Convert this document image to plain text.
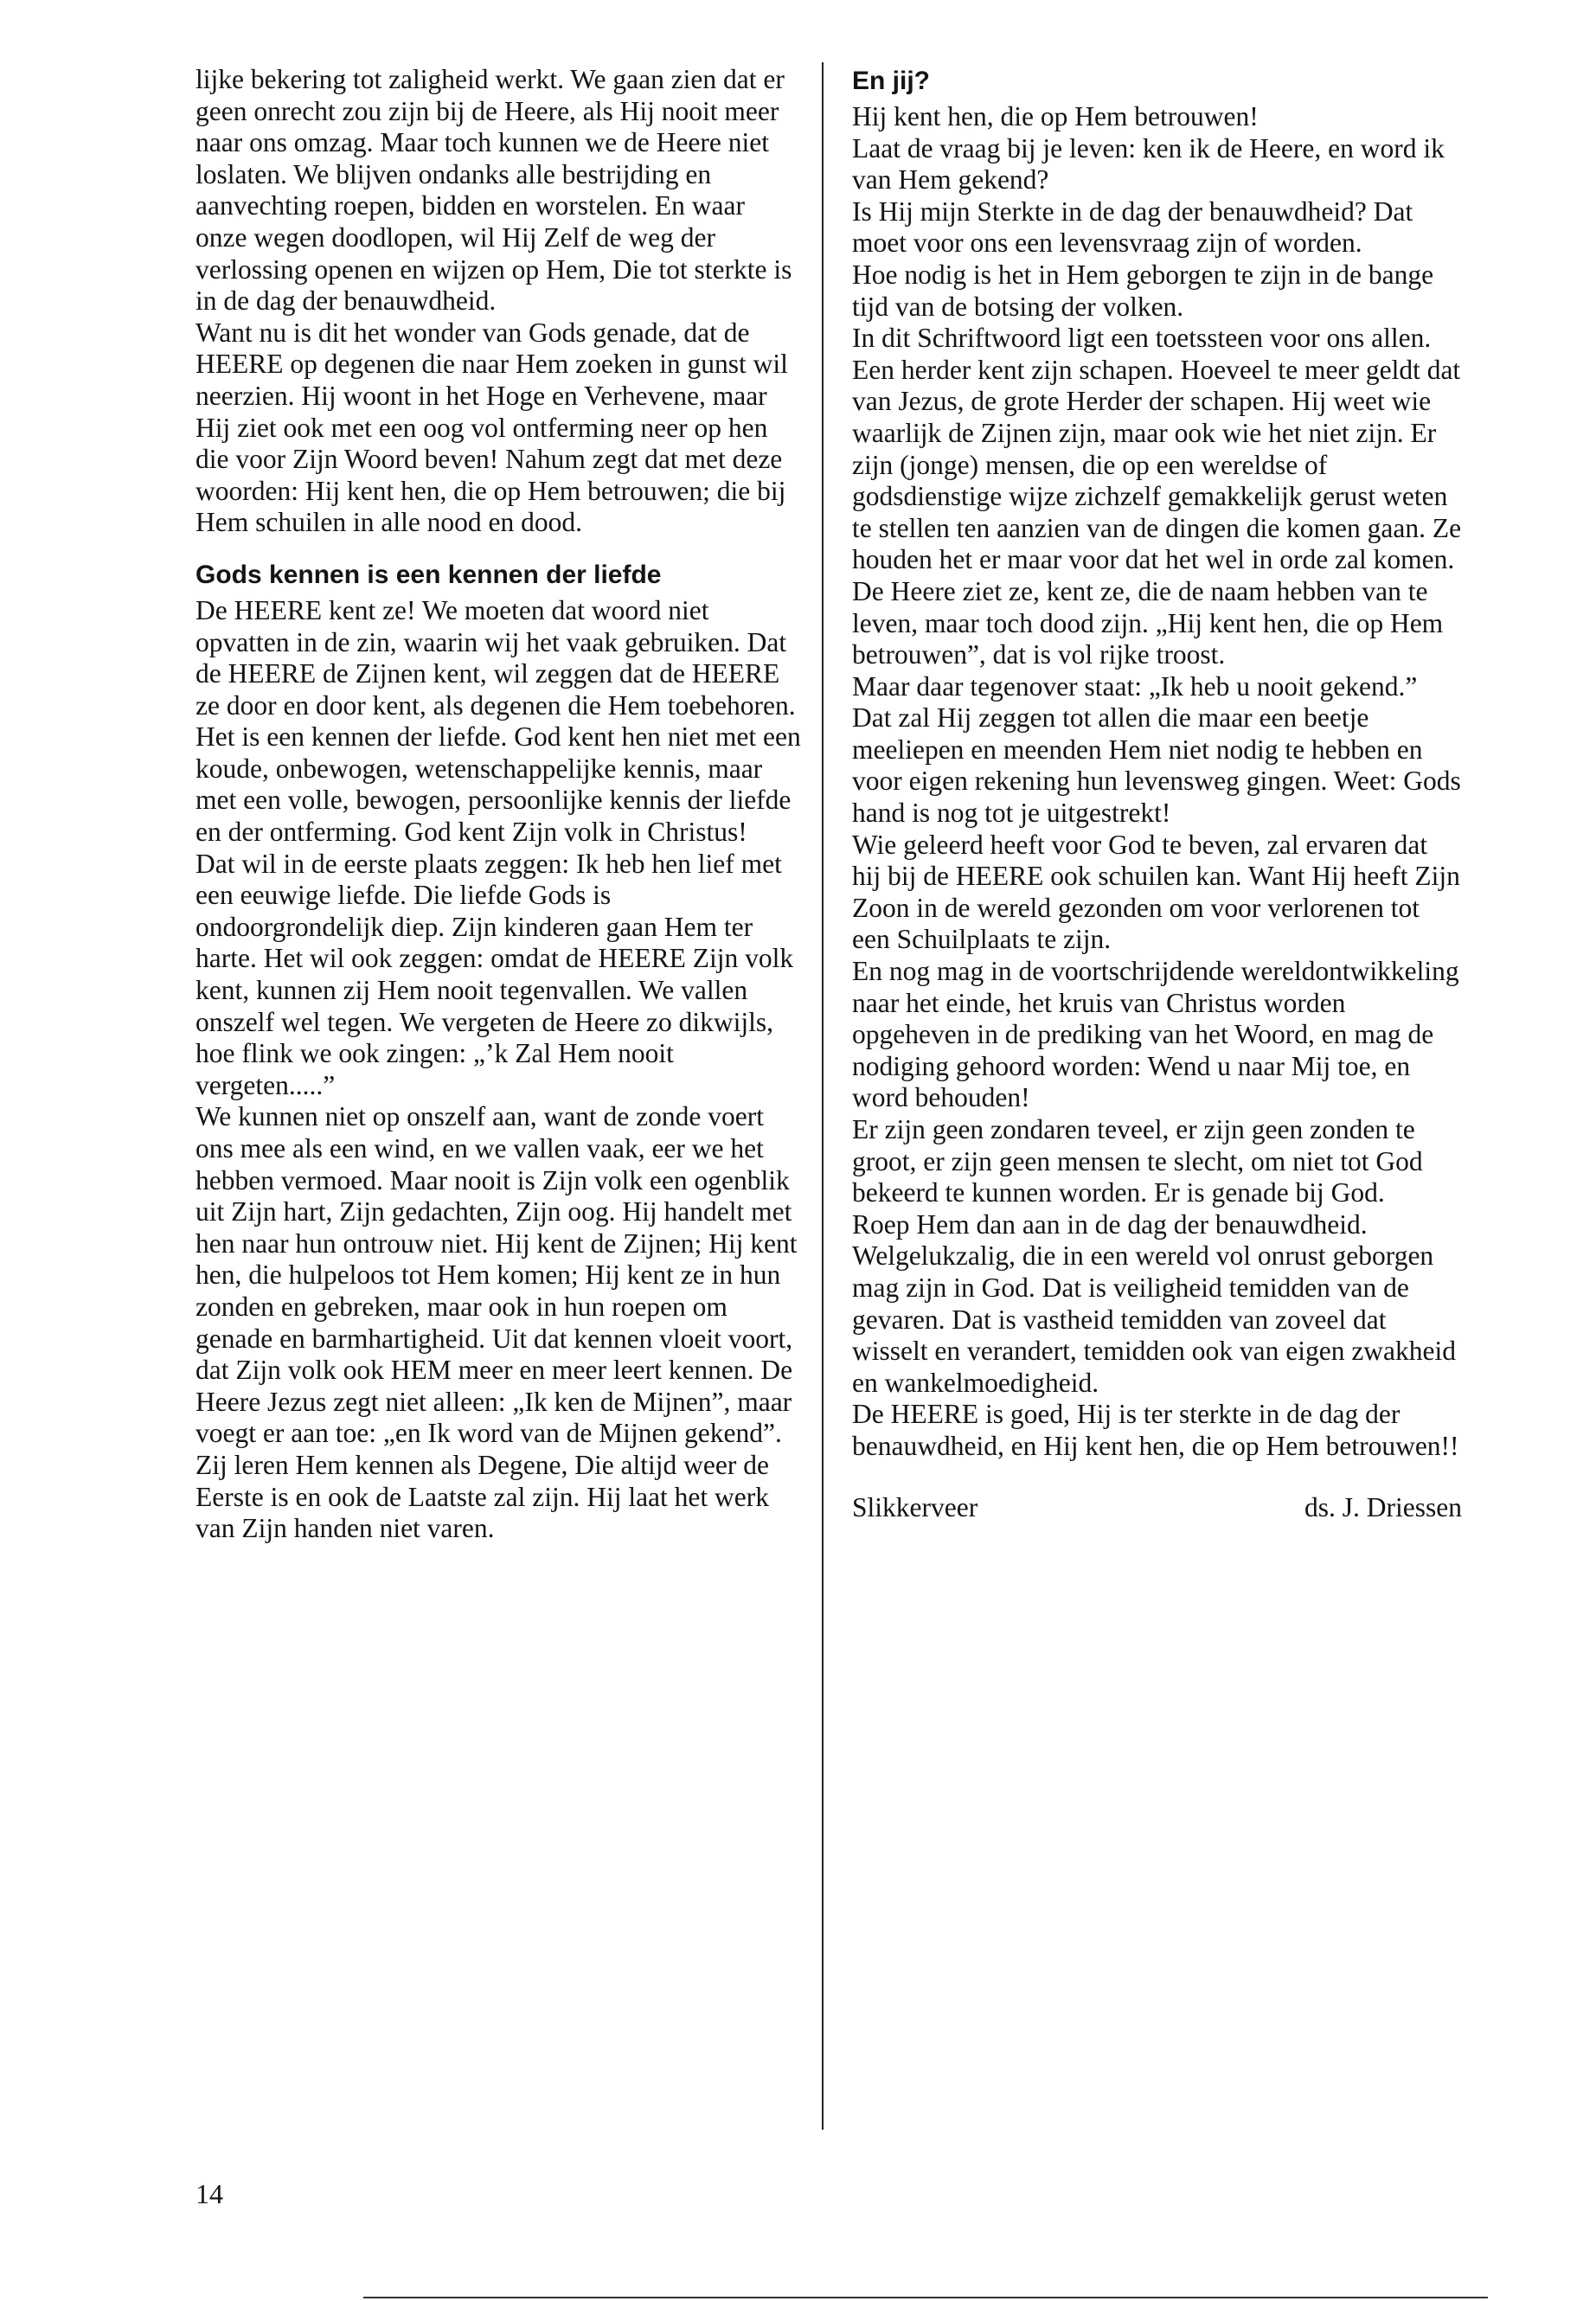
lijke bekering tot zaligheid werkt. We gaan zien dat er geen onrecht zou zijn bij de Heere, als Hij nooit meer naar ons omzag. Maar toch kunnen we de Heere niet loslaten. We blijven ondanks alle bestrijding en aanvechting roepen, bidden en worstelen. En waar onze wegen doodlopen, wil Hij Zelf de weg der verlossing openen en wijzen op Hem, Die tot sterkte is in de dag der benauwdheid.

Want nu is dit het wonder van Gods genade, dat de HEERE op degenen die naar Hem zoeken in gunst wil neerzien. Hij woont in het Hoge en Verhevene, maar Hij ziet ook met een oog vol ontferming neer op hen die voor Zijn Woord beven! Nahum zegt dat met deze woorden: Hij kent hen, die op Hem betrouwen; die bij Hem schuilen in alle nood en dood.

Gods kennen is een kennen der liefde

De HEERE kent ze! We moeten dat woord niet opvatten in de zin, waarin wij het vaak gebruiken. Dat de HEERE de Zijnen kent, wil zeggen dat de HEERE ze door en door kent, als degenen die Hem toebehoren. Het is een kennen der liefde. God kent hen niet met een koude, onbewogen, wetenschappelijke kennis, maar met een volle, bewogen, persoonlijke kennis der liefde en der ontferming. God kent Zijn volk in Christus!

Dat wil in de eerste plaats zeggen: Ik heb hen lief met een eeuwige liefde. Die liefde Gods is ondoorgrondelijk diep. Zijn kinderen gaan Hem ter harte. Het wil ook zeggen: omdat de HEERE Zijn volk kent, kunnen zij Hem nooit tegenvallen. We vallen onszelf wel tegen. We vergeten de Heere zo dikwijls, hoe flink we ook zingen: „’k Zal Hem nooit vergeten.....”

We kunnen niet op onszelf aan, want de zonde voert ons mee als een wind, en we vallen vaak, eer we het hebben vermoed. Maar nooit is Zijn volk een ogenblik uit Zijn hart, Zijn gedachten, Zijn oog. Hij handelt met hen naar hun ontrouw niet. Hij kent de Zijnen; Hij kent hen, die hulpeloos tot Hem komen; Hij kent ze in hun zonden en gebreken, maar ook in hun roepen om genade en barmhartigheid. Uit dat kennen vloeit voort, dat Zijn volk ook HEM meer en meer leert kennen. De Heere Jezus zegt niet alleen: „Ik ken de Mijnen”, maar voegt er aan toe: „en Ik word van de Mijnen gekend”.

Zij leren Hem kennen als Degene, Die altijd weer de Eerste is en ook de Laatste zal zijn. Hij laat het werk van Zijn handen niet varen.

En jij?

Hij kent hen, die op Hem betrouwen!

Laat de vraag bij je leven: ken ik de Heere, en word ik van Hem gekend?

Is Hij mijn Sterkte in de dag der benauwdheid? Dat moet voor ons een levensvraag zijn of worden.

Hoe nodig is het in Hem geborgen te zijn in de bange tijd van de botsing der volken.

In dit Schriftwoord ligt een toetssteen voor ons allen.

Een herder kent zijn schapen. Hoeveel te meer geldt dat van Jezus, de grote Herder der schapen. Hij weet wie waarlijk de Zijnen zijn, maar ook wie het niet zijn. Er zijn (jonge) mensen, die op een wereldse of godsdienstige wijze zichzelf gemakkelijk gerust weten te stellen ten aanzien van de dingen die komen gaan. Ze houden het er maar voor dat het wel in orde zal komen. De Heere ziet ze, kent ze, die de naam hebben van te leven, maar toch dood zijn. „Hij kent hen, die op Hem betrouwen”, dat is vol rijke troost.

Maar daar tegenover staat: „Ik heb u nooit gekend.”

Dat zal Hij zeggen tot allen die maar een beetje meeliepen en meenden Hem niet nodig te hebben en voor eigen rekening hun levensweg gingen. Weet: Gods hand is nog tot je uitgestrekt!

Wie geleerd heeft voor God te beven, zal ervaren dat hij bij de HEERE ook schuilen kan. Want Hij heeft Zijn Zoon in de wereld gezonden om voor verlorenen tot een Schuilplaats te zijn.

En nog mag in de voortschrijdende wereldontwikkeling naar het einde, het kruis van Christus worden opgeheven in de prediking van het Woord, en mag de nodiging gehoord worden: Wend u naar Mij toe, en word behouden!

Er zijn geen zondaren teveel, er zijn geen zonden te groot, er zijn geen mensen te slecht, om niet tot God bekeerd te kunnen worden. Er is genade bij God.

Roep Hem dan aan in de dag der benauwdheid.

Welgelukzalig, die in een wereld vol onrust geborgen mag zijn in God. Dat is veiligheid temidden van de gevaren. Dat is vastheid temidden van zoveel dat wisselt en verandert, temidden ook van eigen zwakheid en wankelmoedigheid.

De HEERE is goed, Hij is ter sterkte in de dag der benauwdheid, en Hij kent hen, die op Hem betrouwen!!

Slikkerveer	ds. J. Driessen
14
